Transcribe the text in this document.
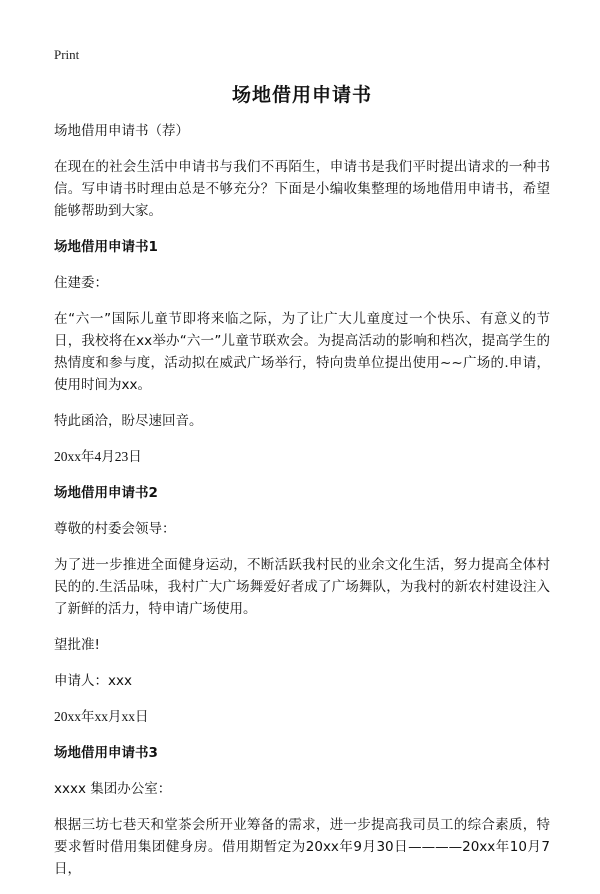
Print
场地借用申请书

场地借用申请书（荐）

在现在的社会生活中申请书与我们不再陌生，申请书是我们平时提出请求的一种书信。写申请书时理由总是不够充分？下面是小编收集整理的场地借用申请书，希望能够帮助到大家。

场地借用申请书1

住建委：

在“六一”国际儿童节即将来临之际，为了让广大儿童度过一个快乐、有意义的节日，我校将在xx举办“六一”儿童节联欢会。为提高活动的影响和档次，提高学生的热情度和参与度，活动拟在威武广场举行，特向贵单位提出使用~~广场的.申请，使用时间为xx。

特此函洽，盼尽速回音。

20xx年4月23日

场地借用申请书2

尊敬的村委会领导：

为了进一步推进全面健身运动，不断活跃我村民的业余文化生活，努力提高全体村民的的.生活品味，我村广大广场舞爱好者成了广场舞队，为我村的新农村建设注入了新鲜的活力，特申请广场使用。

望批准!

申请人：xxx

20xx年xx月xx日

场地借用申请书3

xxxx 集团办公室：

根据三坊七巷天和堂茶会所开业筹备的需求，进一步提高我司员工的综合素质，特要求暂时借用集团健身房。借用期暂定为20xx年9月30日————20xx年10月7日，
